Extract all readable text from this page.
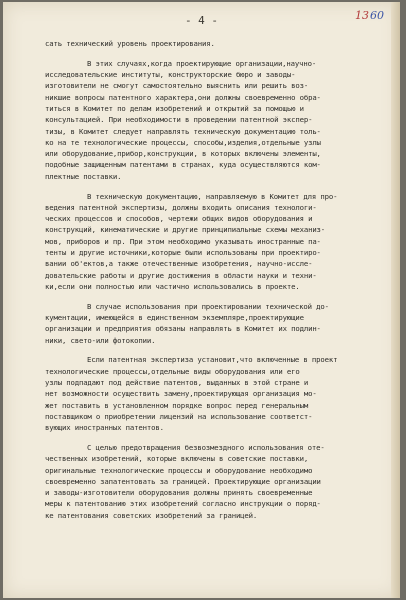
- 4 -	1360
сать технический уровень проектирования.
В этих случаях,когда проектирующие организации,научно-
исследовательские институты, конструкторские бюро и заводы-
изготовители не смогут самостоятельно выяснить или решить воз-
никшие вопросы патентного характера,они должны своевременно обра-
титься в Комитет по делам изобретений и открытий за помощью и
консультацией. При необходимости в проведении патентной экспер-
тизы, в Комитет следует направлять техническую документацию толь-
ко на те технологические процессы, способы,изделия,отдельные узлы
или оборудование,прибор,конструкции, в которых включены элементы,
подобные защищенным патентами в странах, куда осуществляются ком-
плектные поставки.
В техническую документацию, направляемую в Комитет для про-
ведения патентной экспертизы, должны входить описания технологи-
ческих процессов и способов, чертежи общих видов оборудования и
конструкций, кинематические и другие принципиальные схемы механиз-
мов, приборов и пр. При этом необходимо указывать иностранные па-
тенты и другие источники,которые были использованы при проектиро-
вании об'ектов,а также отечественные изобретения, научно-иссле-
довательские работы и другие достижения в области науки и техни-
ки,если они полностью или частично использовались в проекте.
В случае использования при проектировании технической до-
кументации, имеющейся в единственном экземпляре,проектирующие
организации и предприятия обязаны направлять в Комитет их подлин-
ники, свето-или фотокопии.
Если патентная экспертиза установит,что включенные в проект
технологические процессы,отдельные виды оборудования или его
узлы подпадают под действие патентов, выданных в этой стране и
нет возможности осуществить замену,проектирующая организация мо-
жет поставить в установленном порядке вопрос перед генеральным
поставщиком о приобретении лицензий на использование соответст-
вующих иностранных патентов.
С целью предотвращения безвозмездного использования оте-
чественных изобретений, которые включены в советские поставки,
оригинальные технологические процессы и оборудование необходимо
своевременно запатентовать за границей. Проектирующие организации
и заводы-изготовители оборудования должны принять своевременные
меры к патентованию этих изобретений согласно инструкции о поряд-
ке патентования советских изобретений за границей.
